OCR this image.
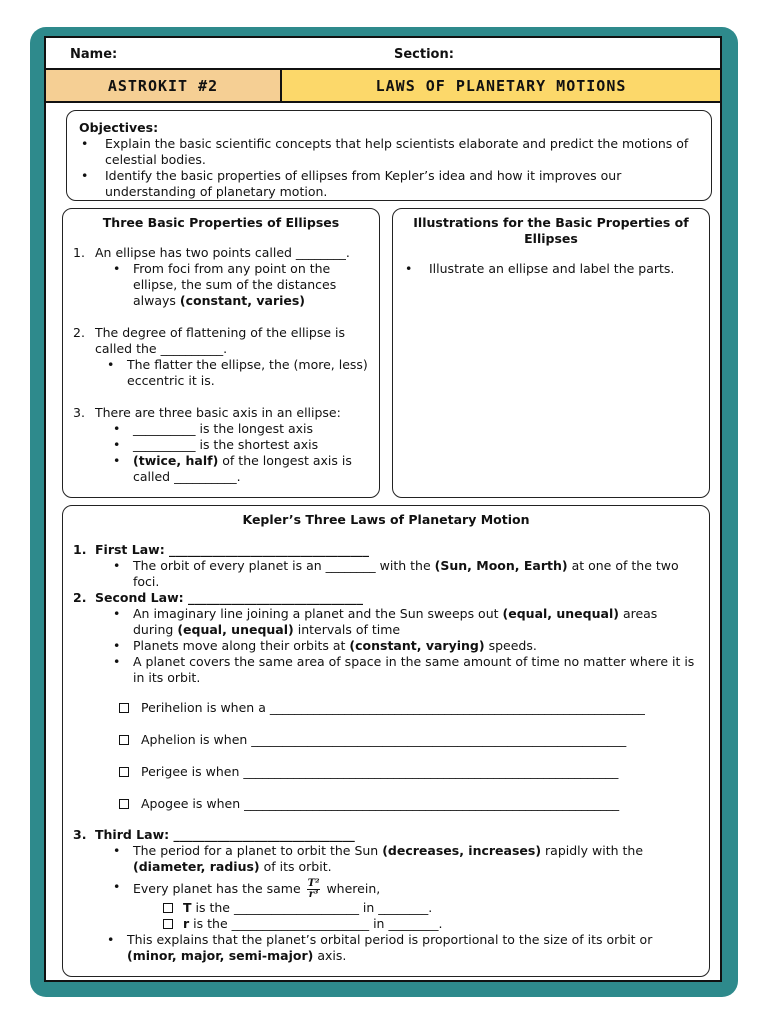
Name:	Section:
ASTROKIT #2	LAWS OF PLANETARY MOTIONS
Objectives:
• Explain the basic scientific concepts that help scientists elaborate and predict the motions of celestial bodies.
• Identify the basic properties of ellipses from Kepler’s idea and how it improves our understanding of planetary motion.
Three Basic Properties of Ellipses
1. An ellipse has two points called ________.
• From foci from any point on the ellipse, the sum of the distances always (constant, varies)
2. The degree of flattening of the ellipse is called the __________.
• The flatter the ellipse, the (more, less) eccentric it is.
3. There are three basic axis in an ellipse:
• __________ is the longest axis
• __________ is the shortest axis
• (twice, half) of the longest axis is called __________.
Illustrations for the Basic Properties of Ellipses
• Illustrate an ellipse and label the parts.
Kepler’s Three Laws of Planetary Motion
1. First Law: ________________________________
• The orbit of every planet is an ________ with the (Sun, Moon, Earth) at one of the two foci.
2. Second Law: ____________________________
• An imaginary line joining a planet and the Sun sweeps out (equal, unequal) areas during (equal, unequal) intervals of time
• Planets move along their orbits at (constant, varying) speeds.
• A planet covers the same area of space in the same amount of time no matter where it is in its orbit.
Perihelion is when a ____________________________________________________________
Aphelion is when ____________________________________________________________
Perigee is when ____________________________________________________________
Apogee is when ____________________________________________________________
3. Third Law: _____________________________
• The period for a planet to orbit the Sun (decreases, increases) rapidly with the (diameter, radius) of its orbit.
• Every planet has the same $\frac{\text{T²}}{\text{r³}}$ wherein,
T is the ____________________ in ________.
r is the ______________________ in ________.
• This explains that the planet’s orbital period is proportional to the size of its orbit or (minor, major, semi-major) axis.
